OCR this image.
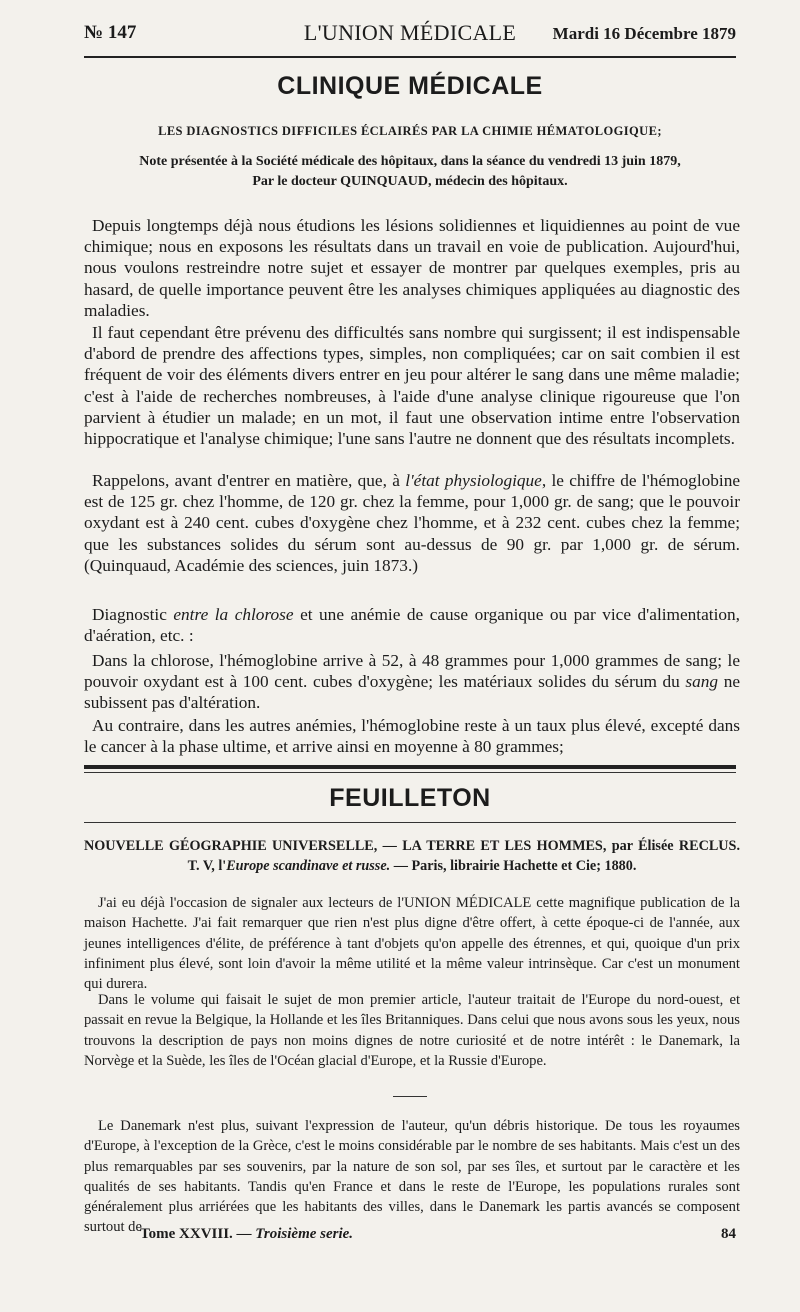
№ 147	L'UNION MÉDICALE	Mardi 16 Décembre 1879
CLINIQUE MÉDICALE
LES DIAGNOSTICS DIFFICILES ÉCLAIRÉS PAR LA CHIMIE HÉMATOLOGIQUE;
Note présentée à la Société médicale des hôpitaux, dans la séance du vendredi 13 juin 1879,
Par le docteur QUINQUAUD, médecin des hôpitaux.
Depuis longtemps déjà nous étudions les lésions solidiennes et liquidiennes au point de vue chimique; nous en exposons les résultats dans un travail en voie de publication. Aujourd'hui, nous voulons restreindre notre sujet et essayer de montrer par quelques exemples, pris au hasard, de quelle importance peuvent être les analyses chimiques appliquées au diagnostic des maladies.
Il faut cependant être prévenu des difficultés sans nombre qui surgissent; il est indispensable d'abord de prendre des affections types, simples, non compliquées; car on sait combien il est fréquent de voir des éléments divers entrer en jeu pour altérer le sang dans une même maladie; c'est à l'aide de recherches nombreuses, à l'aide d'une analyse clinique rigoureuse que l'on parvient à étudier un malade; en un mot, il faut une observation intime entre l'observation hippocratique et l'analyse chimique; l'une sans l'autre ne donnent que des résultats incomplets.
Rappelons, avant d'entrer en matière, que, à l'état physiologique, le chiffre de l'hémoglobine est de 125 gr. chez l'homme, de 120 gr. chez la femme, pour 1,000 gr. de sang; que le pouvoir oxydant est à 240 cent. cubes d'oxygène chez l'homme, et à 232 cent. cubes chez la femme; que les substances solides du sérum sont au-dessus de 90 gr. par 1,000 gr. de sérum. (Quinquaud, Académie des sciences, juin 1873.)
Diagnostic entre la chlorose et une anémie de cause organique ou par vice d'alimentation, d'aération, etc. :
Dans la chlorose, l'hémoglobine arrive à 52, à 48 grammes pour 1,000 grammes de sang; le pouvoir oxydant est à 100 cent. cubes d'oxygène; les matériaux solides du sérum du sang ne subissent pas d'altération.
Au contraire, dans les autres anémies, l'hémoglobine reste à un taux plus élevé, excepté dans le cancer à la phase ultime, et arrive ainsi en moyenne à 80 grammes;
FEUILLETON
NOUVELLE GÉOGRAPHIE UNIVERSELLE, — LA TERRE ET LES HOMMES, par Élisée RECLUS.
T. V, l'Europe scandinave et russe. — Paris, librairie Hachette et Cie; 1880.
J'ai eu déjà l'occasion de signaler aux lecteurs de l'UNION MÉDICALE cette magnifique publication de la maison Hachette. J'ai fait remarquer que rien n'est plus digne d'être offert, à cette époque-ci de l'année, aux jeunes intelligences d'élite, de préférence à tant d'objets qu'on appelle des étrennes, et qui, quoique d'un prix infiniment plus élevé, sont loin d'avoir la même utilité et la même valeur intrinsèque. Car c'est un monument qui durera.
Dans le volume qui faisait le sujet de mon premier article, l'auteur traitait de l'Europe du nord-ouest, et passait en revue la Belgique, la Hollande et les îles Britanniques. Dans celui que nous avons sous les yeux, nous trouvons la description de pays non moins dignes de notre curiosité et de notre intérêt : le Danemark, la Norvège et la Suède, les îles de l'Océan glacial d'Europe, et la Russie d'Europe.
Le Danemark n'est plus, suivant l'expression de l'auteur, qu'un débris historique. De tous les royaumes d'Europe, à l'exception de la Grèce, c'est le moins considérable par le nombre de ses habitants. Mais c'est un des plus remarquables par ses souvenirs, par la nature de son sol, par ses îles, et surtout par le caractère et les qualités de ses habitants. Tandis qu'en France et dans le reste de l'Europe, les populations rurales sont généralement plus arriérées que les habitants des villes, dans le Danemark les partis avancés se composent surtout de
Tome XXVIII. — Troisième serie.	84
